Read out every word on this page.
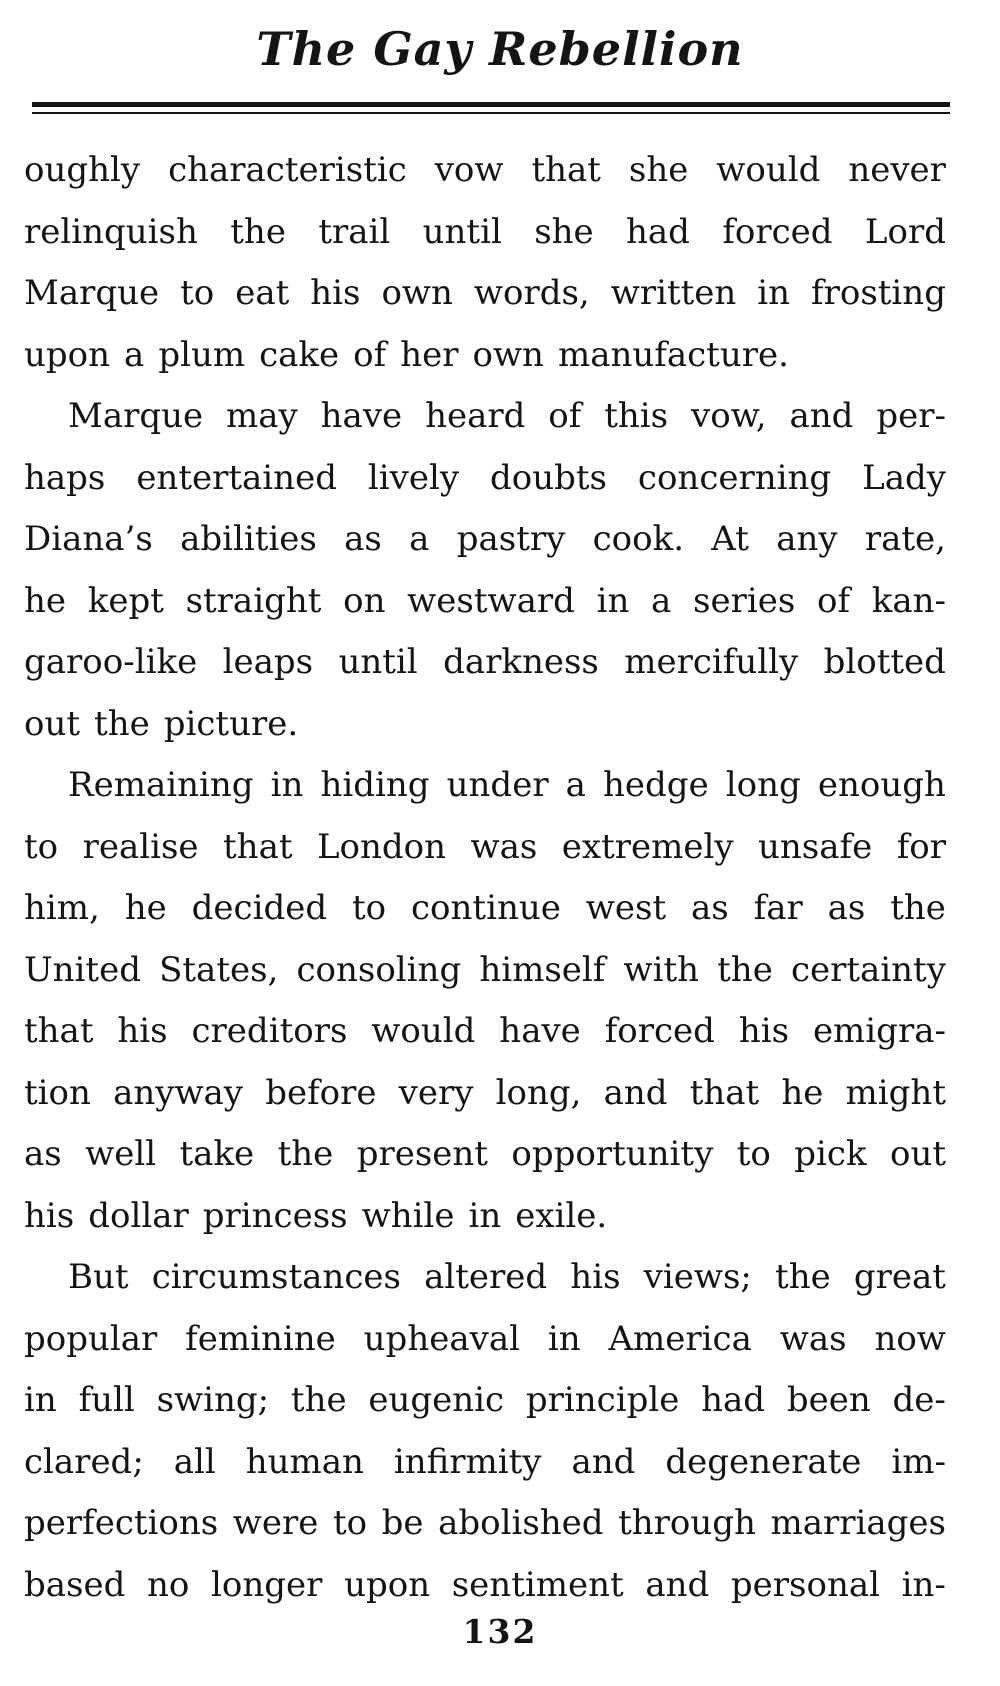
The Gay Rebellion
oughly characteristic vow that she would never
relinquish the trail until she had forced Lord
Marque to eat his own words, written in frosting
upon a plum cake of her own manufacture.
Marque may have heard of this vow, and per-
haps entertained lively doubts concerning Lady
Diana’s abilities as a pastry cook. At any rate,
he kept straight on westward in a series of kan-
garoo-like leaps until darkness mercifully blotted
out the picture.
Remaining in hiding under a hedge long enough
to realise that London was extremely unsafe for
him, he decided to continue west as far as the
United States, consoling himself with the certainty
that his creditors would have forced his emigra-
tion anyway before very long, and that he might
as well take the present opportunity to pick out
his dollar princess while in exile.
But circumstances altered his views; the great
popular feminine upheaval in America was now
in full swing; the eugenic principle had been de-
clared; all human infirmity and degenerate im-
perfections were to be abolished through marriages
based no longer upon sentiment and personal in-
132
